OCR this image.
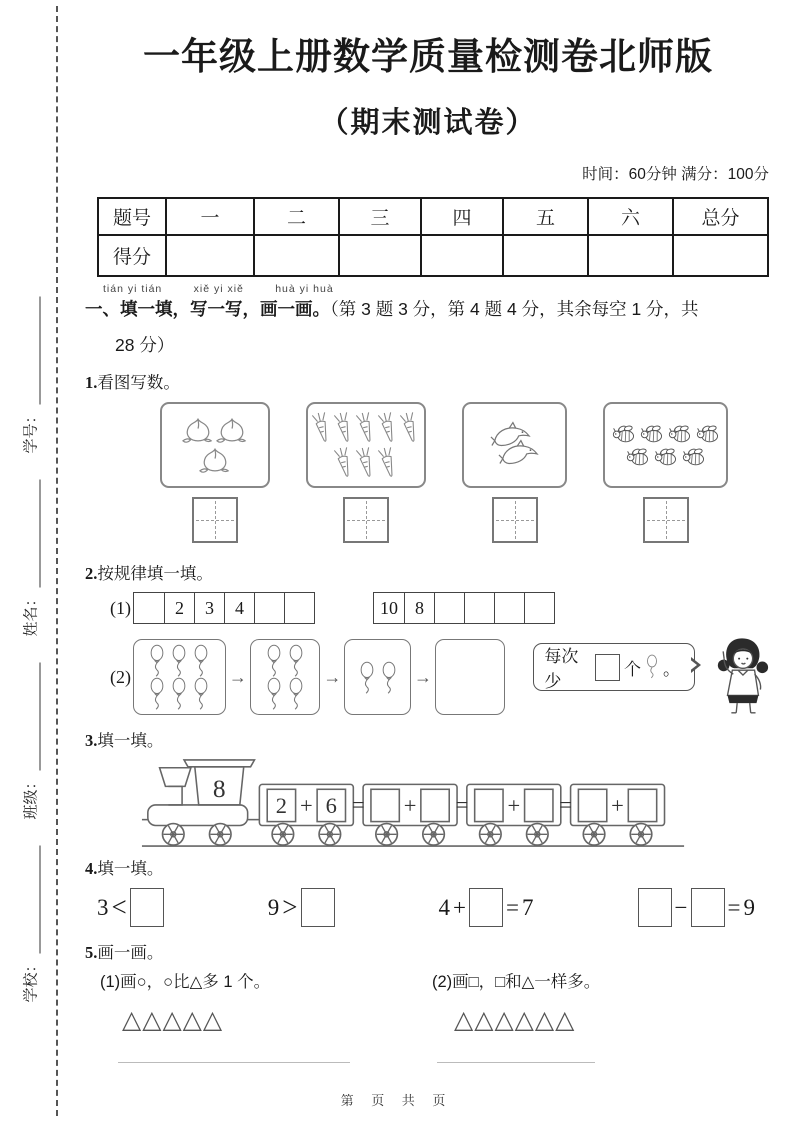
学校：
班级：
姓名：
学号：
一年级上册数学质量检测卷北师版
（期末测试卷）
时间：60分钟 满分：100分
题号	一	二	三	四	五	六	总分
得分							
tián yi tián        xiě yi xiě        huà yi huà
一、填一填，写一写，画一画。（第 3 题 3 分，第 4 题 4 分，其余每空 1 分，共
28 分）
1.看图写数。
2.按规律填一填。
(1)	2	3	4	10 8
(2)	→	→	→
每次少
个 。
3.填一填。
8
2 + 6 = + = + = +
4.填一填。
3 <	9 >	4 + = 7	− = 9
5.画一画。
(1)画○，○比△多 1 个。
△△△△△
(2)画□，□和△一样多。
△△△△△△
第 页 共 页
